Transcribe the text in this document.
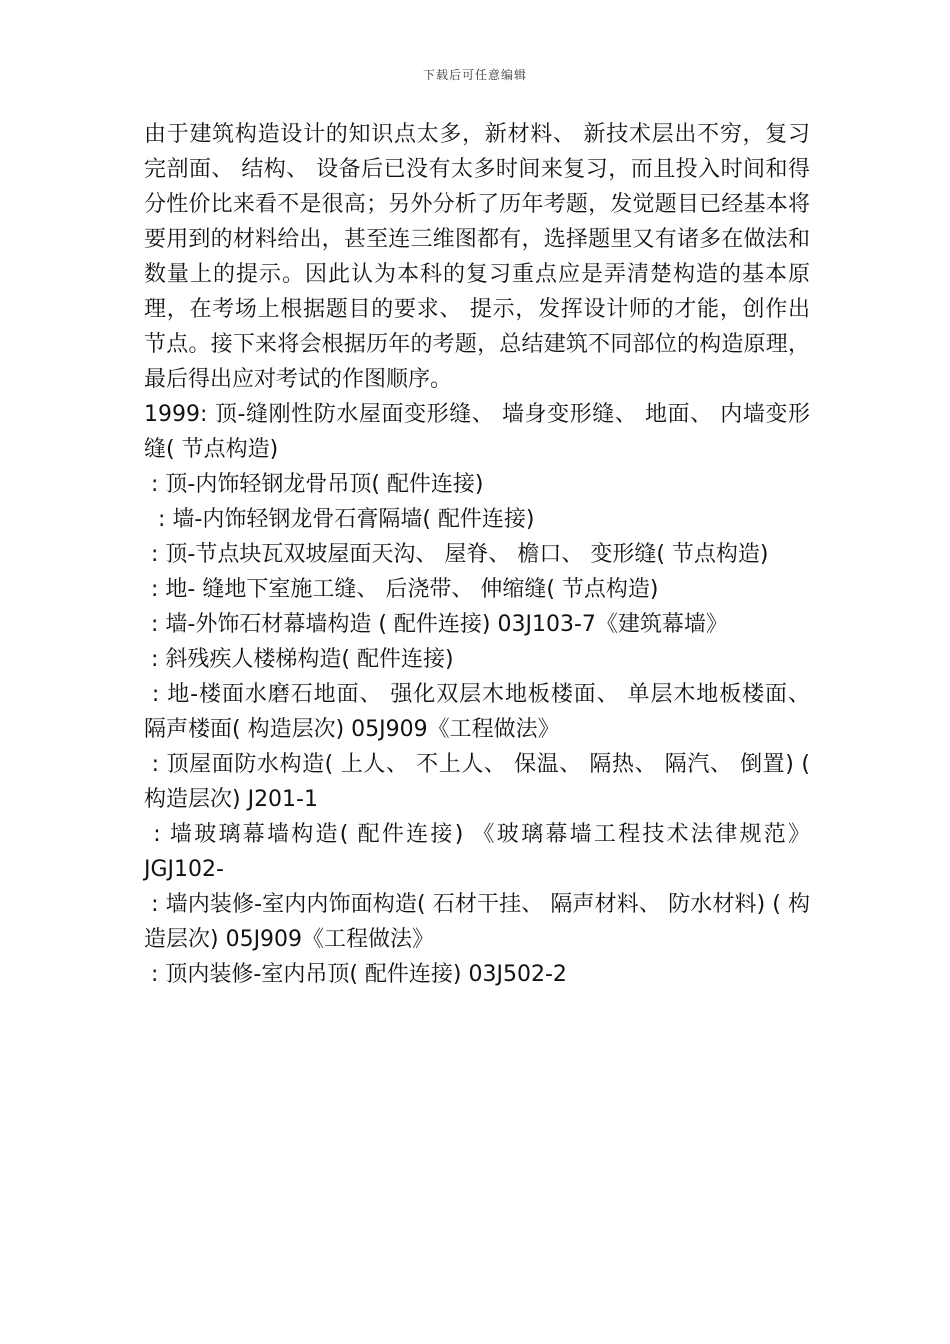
下载后可任意编辑

由于建筑构造设计的知识点太多，新材料、 新技术层出不穷，复习完剖面、 结构、 设备后已没有太多时间来复习，而且投入时间和得分性价比来看不是很高；另外分析了历年考题，发觉题目已经基本将要用到的材料给出，甚至连三维图都有，选择题里又有诸多在做法和数量上的提示。因此认为本科的复习重点应是弄清楚构造的基本原理，在考场上根据题目的要求、 提示，发挥设计师的才能，创作出节点。接下来将会根据历年的考题，总结建筑不同部位的构造原理，最后得出应对考试的作图顺序。

1999: 顶-缝刚性防水屋面变形缝、 墙身变形缝、 地面、 内墙变形缝( 节点构造)

: 顶-内饰轻钢龙骨吊顶( 配件连接)

: 墙-内饰轻钢龙骨石膏隔墙( 配件连接)

: 顶-节点块瓦双坡屋面天沟、 屋脊、 檐口、 变形缝( 节点构造)

: 地- 缝地下室施工缝、 后浇带、 伸缩缝( 节点构造)

: 墙-外饰石材幕墙构造 ( 配件连接) 03J103-7《建筑幕墙》

: 斜残疾人楼梯构造( 配件连接)

: 地-楼面水磨石地面、 强化双层木地板楼面、 单层木地板楼面、 隔声楼面( 构造层次) 05J909《工程做法》

: 顶屋面防水构造( 上人、 不上人、 保温、 隔热、 隔汽、 倒置) ( 构造层次) J201-1

: 墙玻璃幕墙构造( 配件连接) 《玻璃幕墙工程技术法律规范》JGJ102-

: 墙内装修-室内内饰面构造( 石材干挂、 隔声材料、 防水材料) ( 构造层次) 05J909《工程做法》

: 顶内装修-室内吊顶( 配件连接) 03J502-2
